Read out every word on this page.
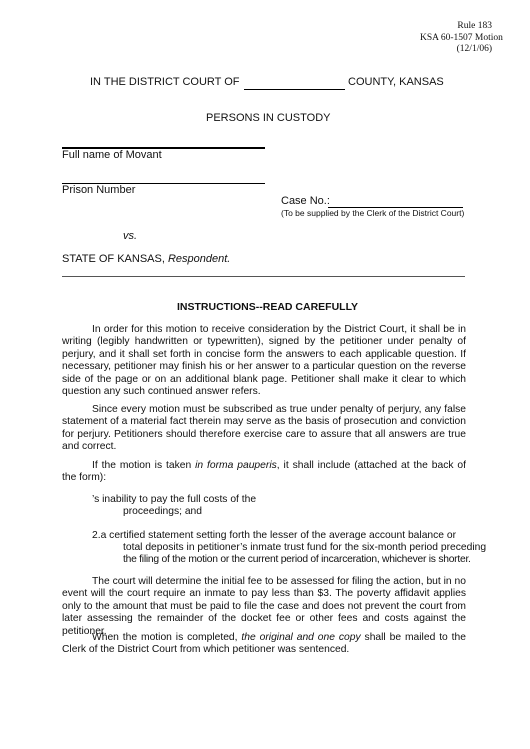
Rule 183
KSA 60-1507 Motion
(12/1/06)
IN THE DISTRICT COURT OF	COUNTY, KANSAS
PERSONS IN CUSTODY
Full name of Movant
Prison Number
Case No.:
(To be supplied by the Clerk of the District Court)
vs.
STATE OF KANSAS, Respondent.
INSTRUCTIONS--READ CAREFULLY
In order for this motion to receive consideration by the District Court, it shall be in writing (legibly handwritten or typewritten), signed by the petitioner under penalty of perjury, and it shall set forth in concise form the answers to each applicable question. If necessary, petitioner may finish his or her answer to a particular question on the reverse side of the page or on an additional blank page. Petitioner shall make it clear to which question any such continued answer refers.
Since every motion must be subscribed as true under penalty of perjury, any false statement of a material fact therein may serve as the basis of prosecution and conviction for perjury. Petitioners should therefore exercise care to assure that all answers are true and correct.
If the motion is taken in forma pauperis, it shall include (attached at the back of the form):
’s inability to pay the full costs of the
proceedings; and
2.a certified statement setting forth the lesser of the average account balance or
total deposits in petitioner’s inmate trust fund for the six-month period preceding
the filing of the motion or the current period of incarceration, whichever is shorter.
The court will determine the initial fee to be assessed for filing the action, but in no event will the court require an inmate to pay less than $3. The poverty affidavit applies only to the amount that must be paid to file the case and does not prevent the court from later assessing the remainder of the docket fee or other fees and costs against the petitioner.
When the motion is completed, the original and one copy shall be mailed to the Clerk of the District Court from which petitioner was sentenced.
